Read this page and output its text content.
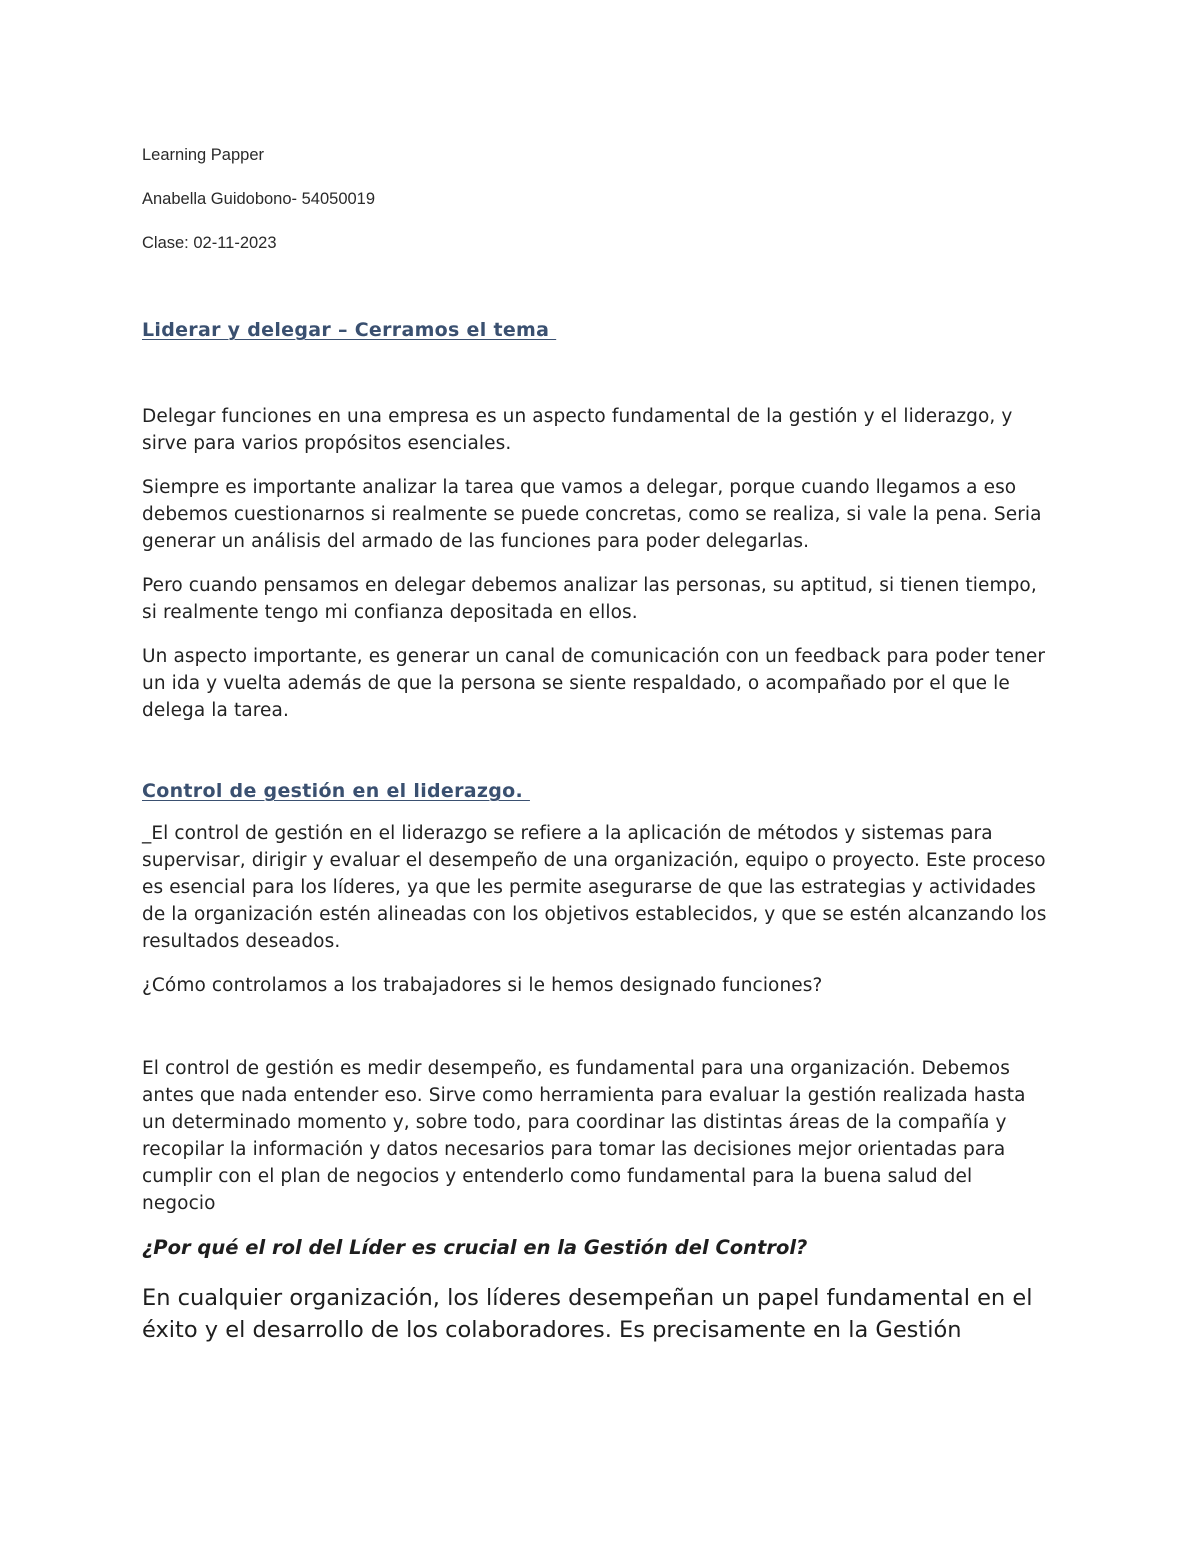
Learning Papper

Anabella Guidobono- 54050019

Clase: 02-11-2023

Liderar y delegar – Cerramos el tema

Delegar funciones en una empresa es un aspecto fundamental de la gestión y el liderazgo, y sirve para varios propósitos esenciales.

Siempre es importante analizar la tarea que vamos a delegar, porque cuando llegamos a eso debemos cuestionarnos si realmente se puede concretas, como se realiza, si vale la pena. Seria generar un análisis del armado de las funciones para poder delegarlas.

Pero cuando pensamos en delegar debemos analizar las personas, su aptitud, si tienen tiempo, si realmente tengo mi confianza depositada en ellos.

Un aspecto importante, es generar un canal de comunicación con un feedback para poder tener un ida y vuelta además de que la persona se siente respaldado, o acompañado por el que le delega la tarea.

Control de gestión en el liderazgo.

_El control de gestión en el liderazgo se refiere a la aplicación de métodos y sistemas para supervisar, dirigir y evaluar el desempeño de una organización, equipo o proyecto. Este proceso es esencial para los líderes, ya que les permite asegurarse de que las estrategias y actividades de la organización estén alineadas con los objetivos establecidos, y que se estén alcanzando los resultados deseados.

¿Cómo controlamos a los trabajadores si le hemos designado funciones?

El control de gestión es medir desempeño, es fundamental para una organización. Debemos antes que nada entender eso. Sirve como herramienta para evaluar la gestión realizada hasta un determinado momento y, sobre todo, para coordinar las distintas áreas de la compañía y recopilar la información y datos necesarios para tomar las decisiones mejor orientadas para cumplir con el plan de negocios y entenderlo como fundamental para la buena salud del negocio

¿Por qué el rol del Líder es crucial en la Gestión del Control?

En cualquier organización, los líderes desempeñan un papel fundamental en el éxito y el desarrollo de los colaboradores. Es precisamente en la Gestión
